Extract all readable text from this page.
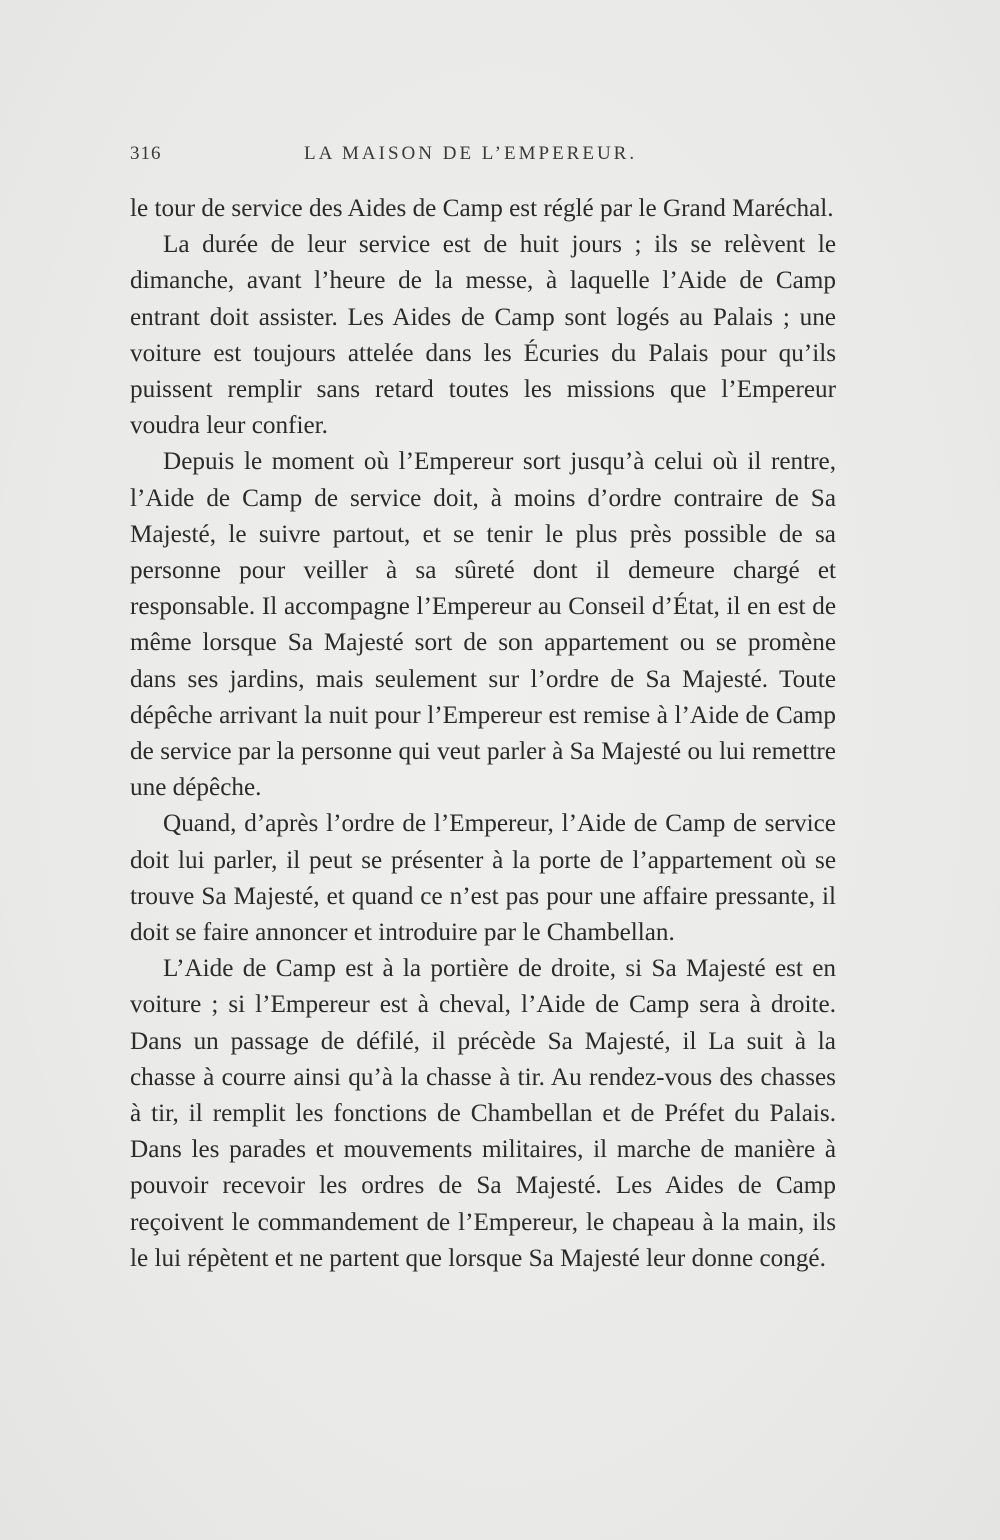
316	LA MAISON DE L’EMPEREUR.

le tour de service des Aides de Camp est réglé par le Grand Maréchal.

La durée de leur service est de huit jours ; ils se relèvent le dimanche, avant l’heure de la messe, à laquelle l’Aide de Camp entrant doit assister. Les Aides de Camp sont logés au Palais ; une voiture est toujours attelée dans les Écuries du Palais pour qu’ils puissent remplir sans retard toutes les missions que l’Empereur voudra leur confier.

Depuis le moment où l’Empereur sort jusqu’à celui où il rentre, l’Aide de Camp de service doit, à moins d’ordre contraire de Sa Majesté, le suivre partout, et se tenir le plus près possible de sa personne pour veiller à sa sûreté dont il demeure chargé et responsable. Il accompagne l’Empereur au Conseil d’État, il en est de même lorsque Sa Majesté sort de son appartement ou se promène dans ses jardins, mais seulement sur l’ordre de Sa Majesté. Toute dépêche arrivant la nuit pour l’Empereur est remise à l’Aide de Camp de service par la personne qui veut parler à Sa Majesté ou lui remettre une dépêche.

Quand, d’après l’ordre de l’Empereur, l’Aide de Camp de service doit lui parler, il peut se présenter à la porte de l’appartement où se trouve Sa Majesté, et quand ce n’est pas pour une affaire pressante, il doit se faire annoncer et introduire par le Chambellan.

L’Aide de Camp est à la portière de droite, si Sa Majesté est en voiture ; si l’Empereur est à cheval, l’Aide de Camp sera à droite. Dans un passage de défilé, il précède Sa Majesté, il La suit à la chasse à courre ainsi qu’à la chasse à tir. Au rendez-vous des chasses à tir, il remplit les fonctions de Chambellan et de Préfet du Palais. Dans les parades et mouvements militaires, il marche de manière à pouvoir recevoir les ordres de Sa Majesté. Les Aides de Camp reçoivent le commandement de l’Empereur, le chapeau à la main, ils le lui répètent et ne partent que lorsque Sa Majesté leur donne congé.
